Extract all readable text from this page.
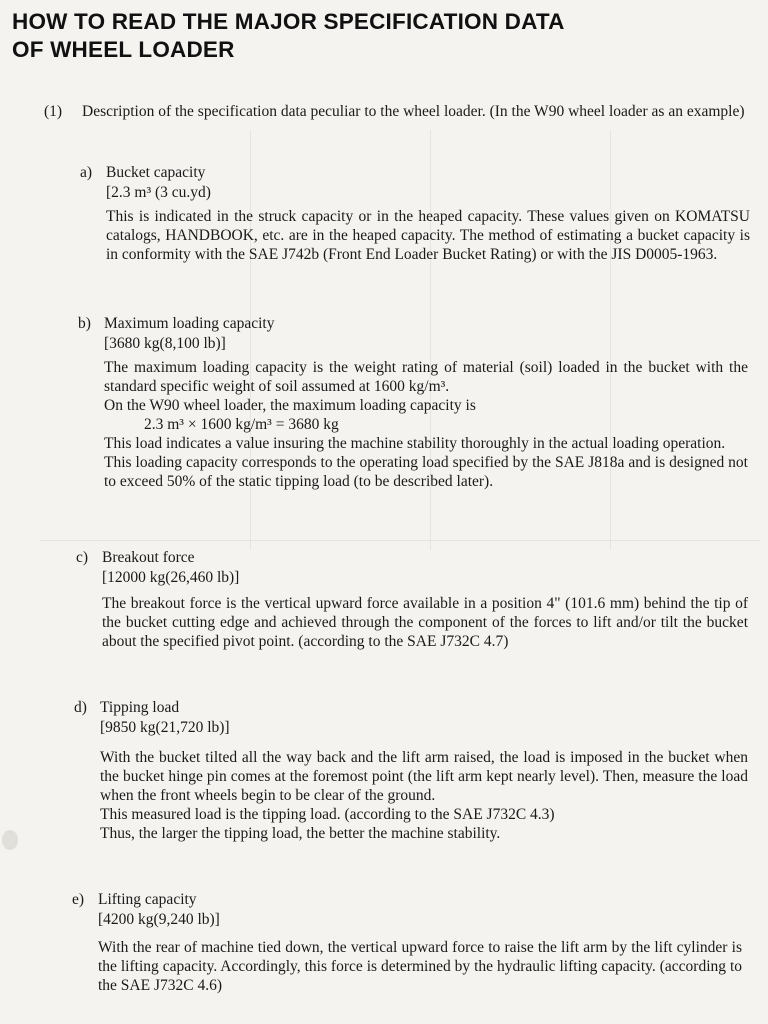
HOW TO READ THE MAJOR SPECIFICATION DATA
OF WHEEL LOADER
(1) Description of the specification data peculiar to the wheel loader. (In the W90 wheel loader as an example)
a) Bucket capacity
[2.3 m³ (3 cu.yd)

This is indicated in the struck capacity or in the heaped capacity. These values given on KOMATSU catalogs, HANDBOOK, etc. are in the heaped capacity. The method of estimating a bucket capacity is in conformity with the SAE J742b (Front End Loader Bucket Rating) or with the JIS D0005-1963.

b) Maximum loading capacity
[3680 kg(8,100 lb)]

The maximum loading capacity is the weight rating of material (soil) loaded in the bucket with the standard specific weight of soil assumed at 1600 kg/m³.

On the W90 wheel loader, the maximum loading capacity is

2.3 m³ × 1600 kg/m³ = 3680 kg

This load indicates a value insuring the machine stability thoroughly in the actual loading operation.

This loading capacity corresponds to the operating load specified by the SAE J818a and is designed not to exceed 50% of the static tipping load (to be described later).

c) Breakout force
[12000 kg(26,460 lb)]

The breakout force is the vertical upward force available in a position 4" (101.6 mm) behind the tip of the bucket cutting edge and achieved through the component of the forces to lift and/or tilt the bucket about the specified pivot point. (according to the SAE J732C 4.7)

d) Tipping load
[9850 kg(21,720 lb)]

With the bucket tilted all the way back and the lift arm raised, the load is imposed in the bucket when the bucket hinge pin comes at the foremost point (the lift arm kept nearly level). Then, measure the load when the front wheels begin to be clear of the ground.

This measured load is the tipping load. (according to the SAE J732C 4.3)

Thus, the larger the tipping load, the better the machine stability.

e) Lifting capacity
[4200 kg(9,240 lb)]

With the rear of machine tied down, the vertical upward force to raise the lift arm by the lift cylinder is the lifting capacity. Accordingly, this force is determined by the hydraulic lifting capacity. (according to the SAE J732C 4.6)
